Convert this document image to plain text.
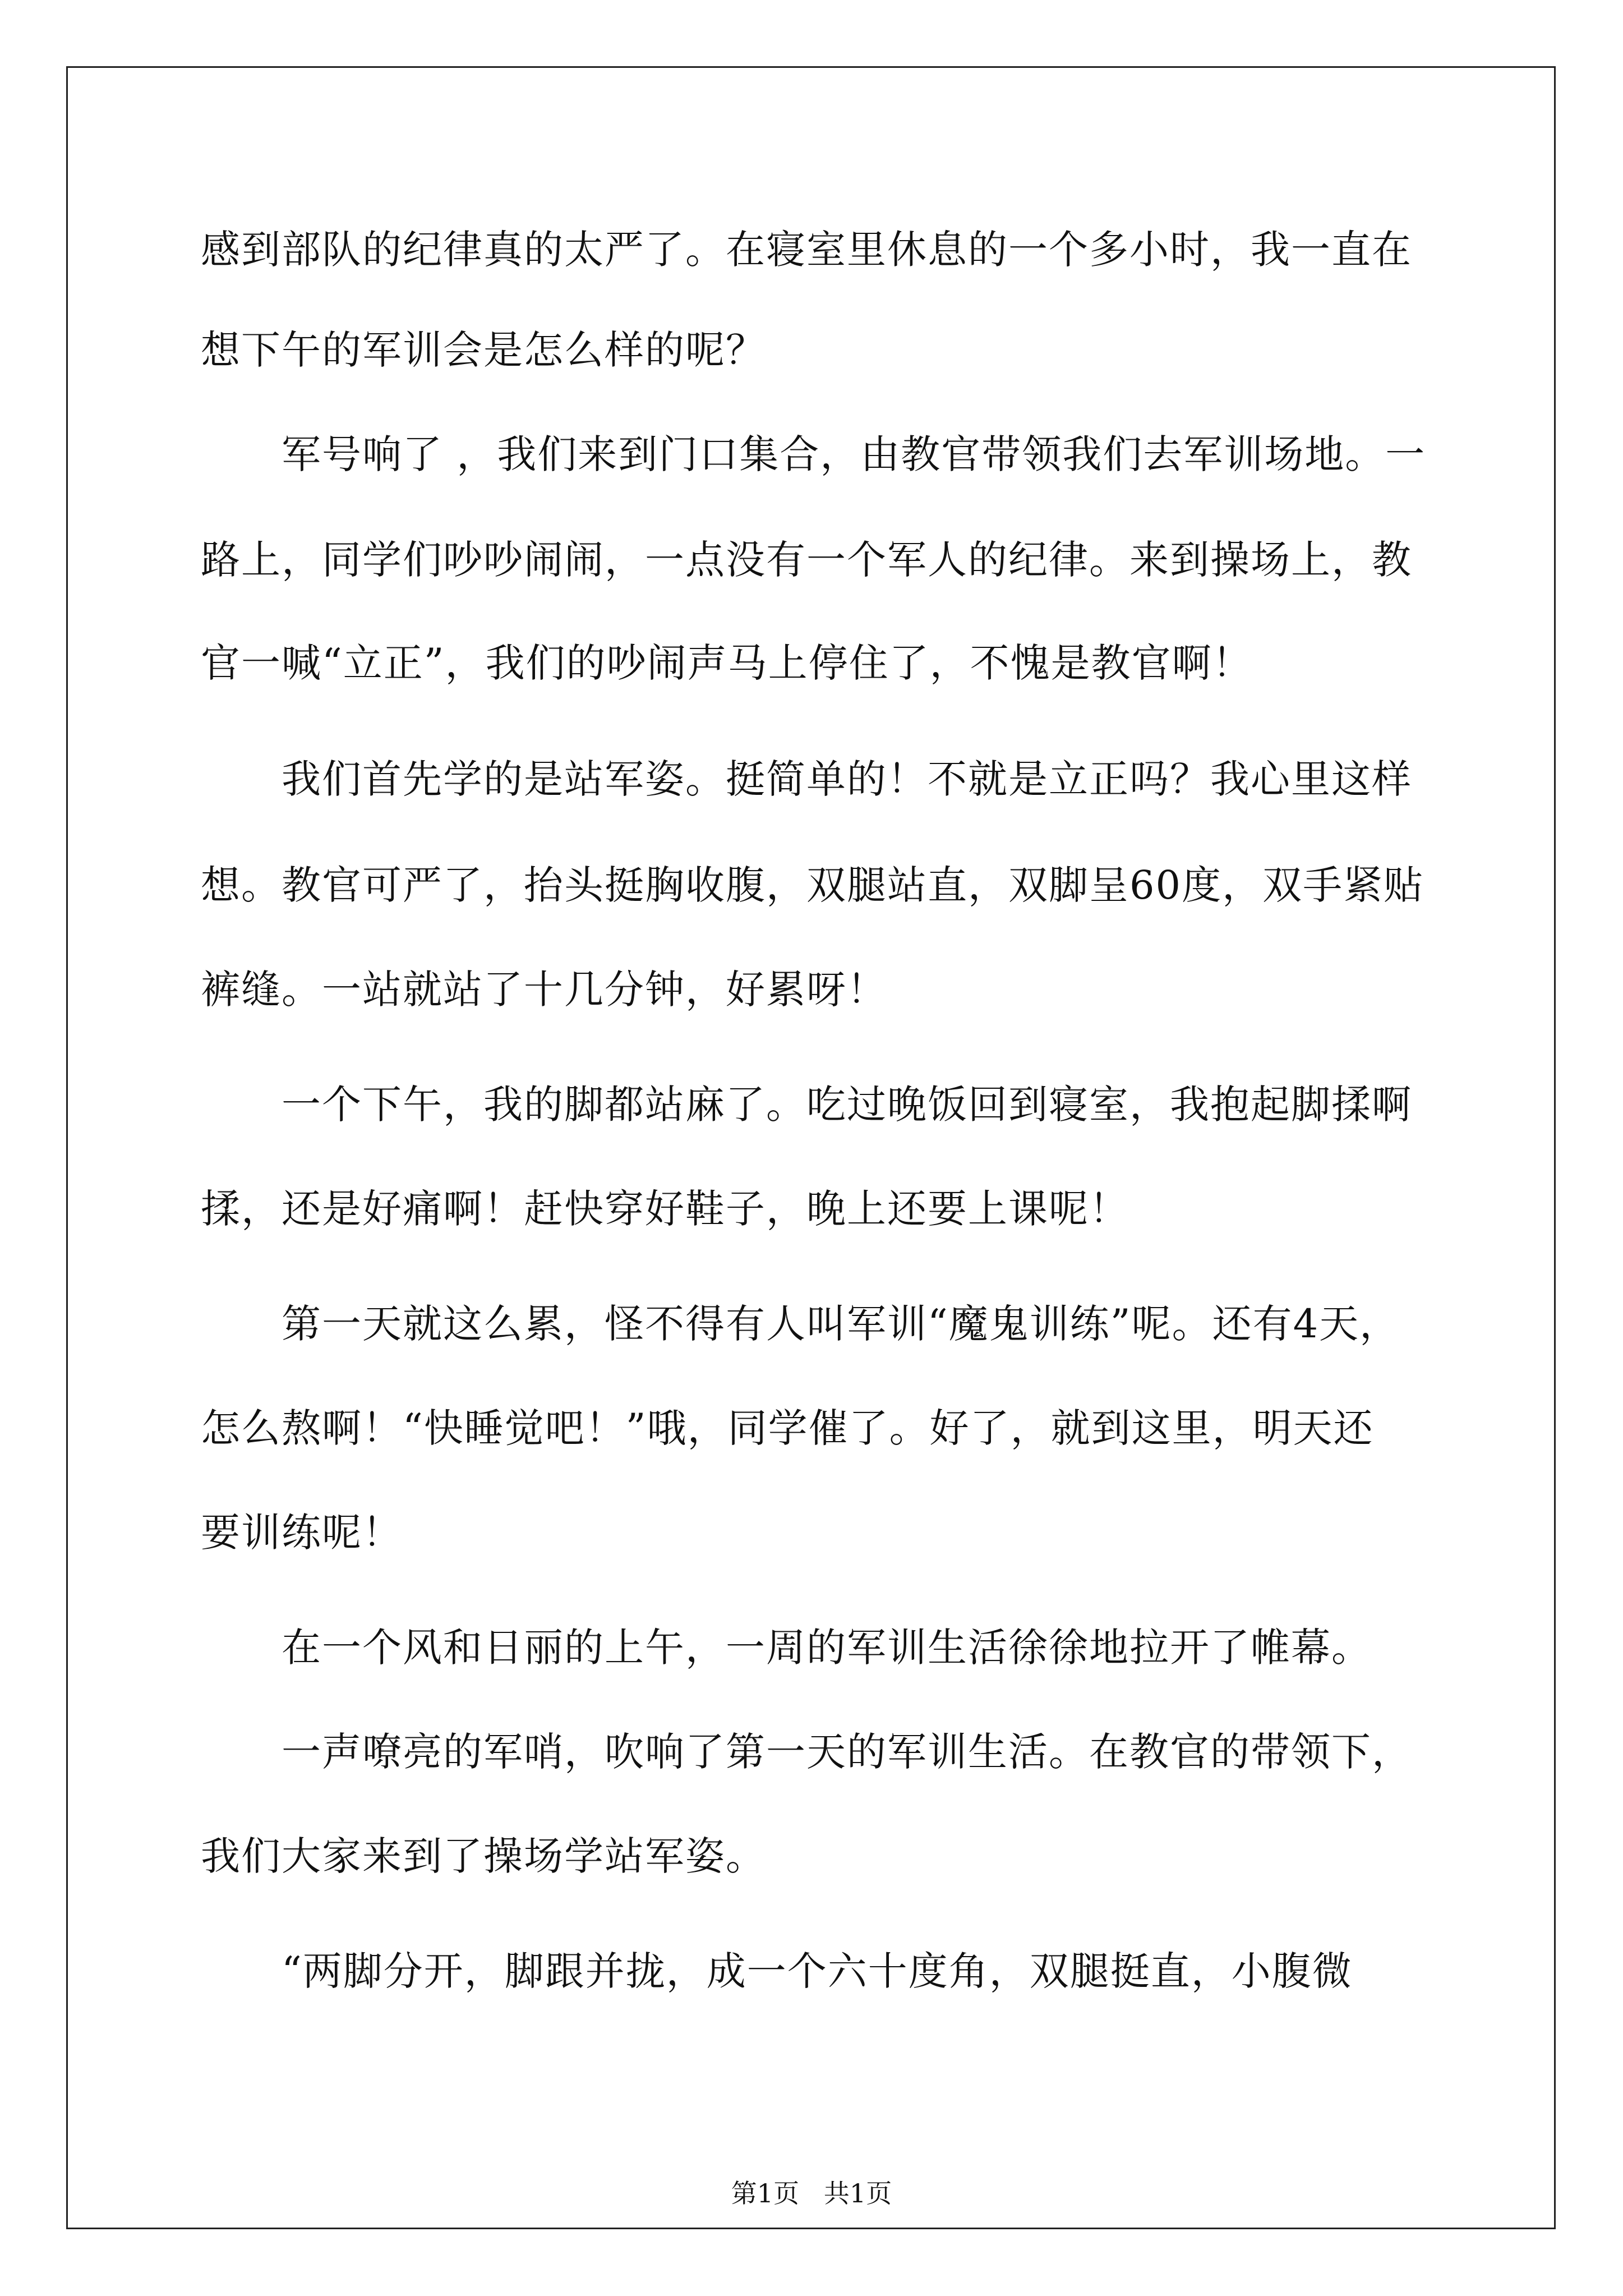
感到部队的纪律真的太严了。在寝室里休息的一个多小时，我一直在
想下午的军训会是怎么样的呢？
　　军号响了 ，我们来到门口集合，由教官带领我们去军训场地。一
路上，同学们吵吵闹闹，一点没有一个军人的纪律。来到操场上，教
官一喊“立正”，我们的吵闹声马上停住了，不愧是教官啊！
　　我们首先学的是站军姿。挺简单的！不就是立正吗？我心里这样
想。教官可严了，抬头挺胸收腹，双腿站直，双脚呈60度，双手紧贴
裤缝。一站就站了十几分钟，好累呀！
　　一个下午，我的脚都站麻了。吃过晚饭回到寝室，我抱起脚揉啊
揉，还是好痛啊！赶快穿好鞋子，晚上还要上课呢！
　　第一天就这么累，怪不得有人叫军训“魔鬼训练”呢。还有4天，
怎么熬啊！“快睡觉吧！”哦，同学催了。好了，就到这里，明天还
要训练呢！
　　在一个风和日丽的上午，一周的军训生活徐徐地拉开了帷幕。
　　一声嘹亮的军哨，吹响了第一天的军训生活。在教官的带领下，
我们大家来到了操场学站军姿。
　　“两脚分开，脚跟并拢，成一个六十度角，双腿挺直，小腹微
第1页   共1页
